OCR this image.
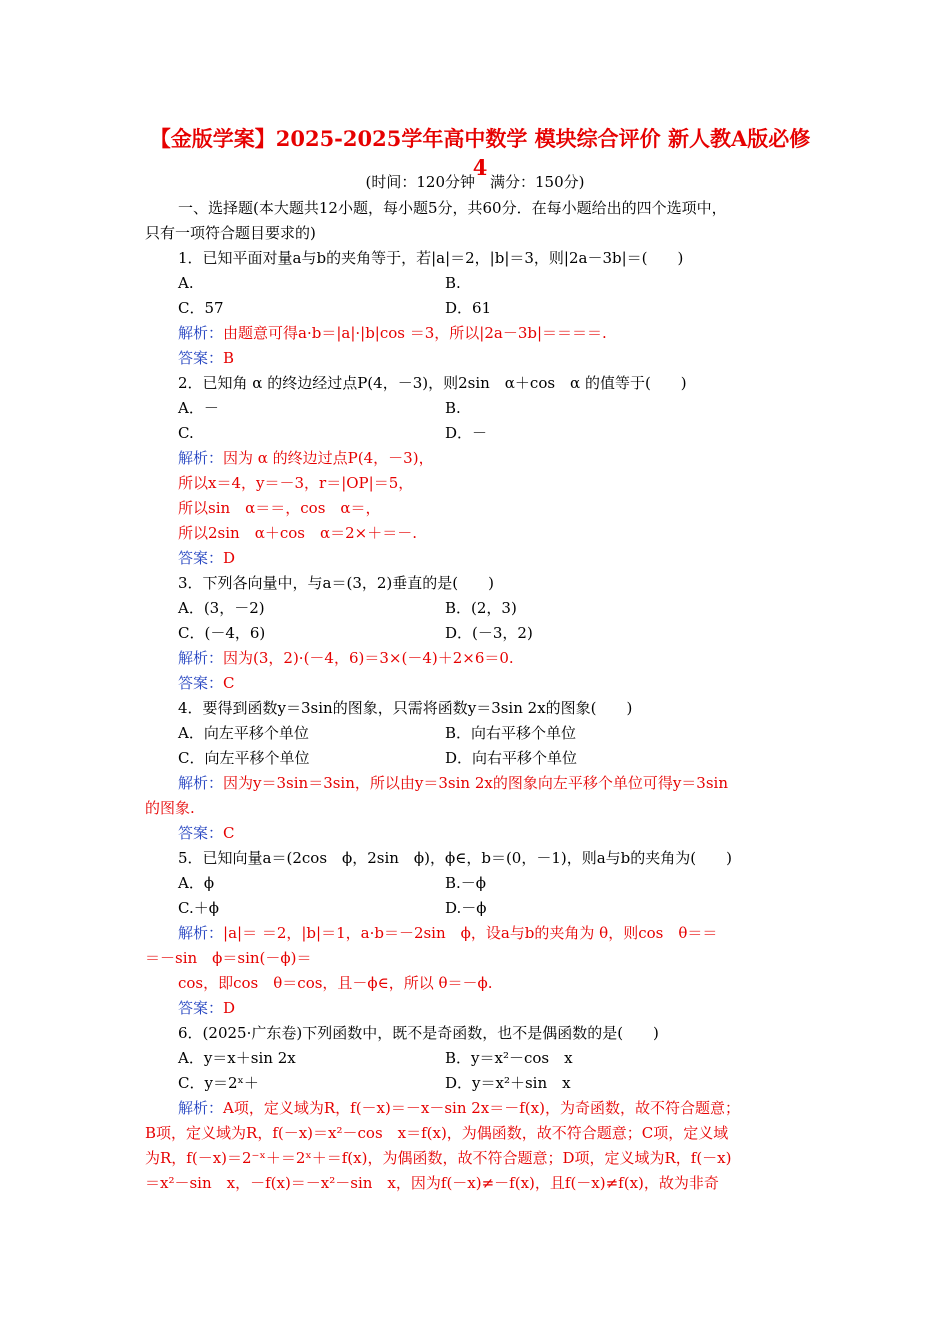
【金版学案】2025-2025学年高中数学 模块综合评价 新人教A版必修4
(时间：120分钟　满分：150分)
一、选择题(本大题共12小题，每小题5分，共60分．在每小题给出的四个选项中，
只有一项符合题目要求的)
1．已知平面对量a与b的夹角等于，若|a|＝2，|b|＝3，则|2a－3b|＝(　　)
A.	B.
C．57	D．61
解析：由题意可得a·b＝|a|·|b|cos ＝3，所以|2a－3b|＝＝＝＝.
答案：B
2．已知角 α 的终边经过点P(4，－3)，则2sin　α＋cos　α 的值等于(　　)
A．－	B.
C.	D．－
解析：因为 α 的终边过点P(4，－3)，
所以x＝4，y＝－3，r＝|OP|＝5，
所以sin　α＝＝，cos　α＝，
所以2sin　α＋cos　α＝2×＋＝－.
答案：D
3．下列各向量中，与a＝(3，2)垂直的是(　　)
A．(3，－2)	B．(2，3)
C．(－4，6)	D．(－3，2)
解析：因为(3，2)·(－4，6)＝3×(－4)＋2×6＝0.
答案：C
4．要得到函数y＝3sin的图象，只需将函数y＝3sin 2x的图象(　　)
A．向左平移个单位	B．向右平移个单位
C．向左平移个单位	D．向右平移个单位
解析：因为y＝3sin＝3sin，所以由y＝3sin 2x的图象向左平移个单位可得y＝3sin
的图象.
答案：C
5．已知向量a＝(2cos　ϕ，2sin　ϕ)，ϕ∈，b＝(0，－1)，则a与b的夹角为(　　)
A．ϕ	B.－ϕ
C.＋ϕ	D.－ϕ
解析：|a|＝ ＝2，|b|＝1，a·b＝－2sin　ϕ，设a与b的夹角为 θ，则cos　θ＝＝
＝－sin　ϕ＝sin(－ϕ)＝
cos，即cos　θ＝cos，且－ϕ∈，所以 θ＝－ϕ.
答案：D
6．(2025·广东卷)下列函数中，既不是奇函数，也不是偶函数的是(　　)
A．y＝x＋sin 2x	B．y＝x²－cos　x
C．y＝2ˣ＋	D．y＝x²＋sin　x
解析：A项，定义域为R，f(－x)＝－x－sin 2x＝－f(x)，为奇函数，故不符合题意；
B项，定义域为R，f(－x)＝x²－cos　x＝f(x)，为偶函数，故不符合题意；C项，定义域
为R，f(－x)＝2⁻ˣ＋＝2ˣ＋＝f(x)，为偶函数，故不符合题意；D项，定义域为R，f(－x)
＝x²－sin　x，－f(x)＝－x²－sin　x，因为f(－x)≠－f(x)，且f(－x)≠f(x)，故为非奇
